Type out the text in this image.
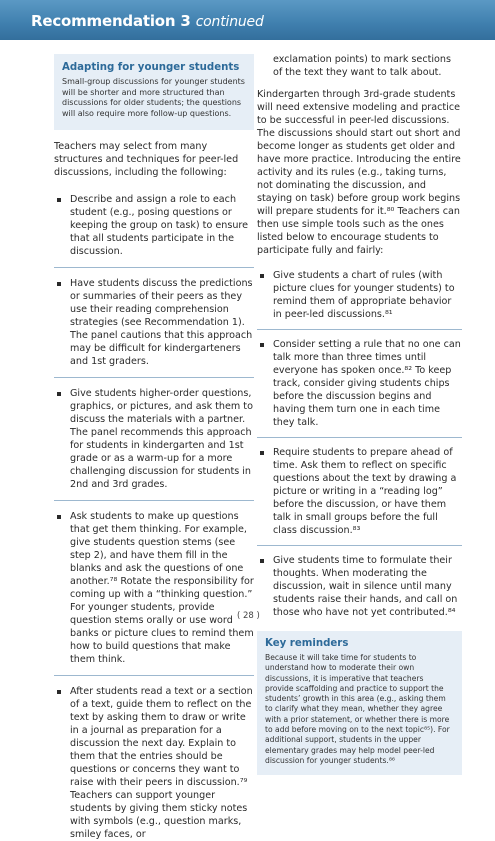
Recommendation 3 continued
Adapting for younger students

Small-group discussions for younger students will be shorter and more structured than discussions for older students; the questions will also require more follow-up questions.

Teachers may select from many structures and techniques for peer-led discussions, including the following:

Describe and assign a role to each student (e.g., posing questions or keeping the group on task) to ensure that all students participate in the discussion.
Have students discuss the predictions or summaries of their peers as they use their reading comprehension strategies (see Recommendation 1). The panel cautions that this approach may be difficult for kindergarteners and 1st graders.
Give students higher-order questions, graphics, or pictures, and ask them to discuss the materials with a partner. The panel recommends this approach for students in kindergarten and 1st grade or as a warm-up for a more challenging discussion for students in 2nd and 3rd grades.
Ask students to make up questions that get them thinking. For example, give students question stems (see step 2), and have them fill in the blanks and ask the questions of one another.⁷⁸ Rotate the responsibility for coming up with a “thinking question.” For younger students, provide question stems orally or use word banks or picture clues to remind them how to build questions that make them think.
After students read a text or a section of a text, guide them to reflect on the text by asking them to draw or write in a journal as preparation for a discussion the next day. Explain to them that the entries should be questions or concerns they want to raise with their peers in discussion.⁷⁹ Teachers can support younger students by giving them sticky notes with symbols (e.g., question marks, smiley faces, or

exclamation points) to mark sections of the text they want to talk about.

Kindergarten through 3rd-grade students will need extensive modeling and practice to be successful in peer-led discussions. The discussions should start out short and become longer as students get older and have more practice. Introducing the entire activity and its rules (e.g., taking turns, not dominating the discussion, and staying on task) before group work begins will prepare students for it.⁸⁰ Teachers can then use simple tools such as the ones listed below to encourage students to participate fully and fairly:

Give students a chart of rules (with picture clues for younger students) to remind them of appropriate behavior in peer-led discussions.⁸¹
Consider setting a rule that no one can talk more than three times until everyone has spoken once.⁸² To keep track, consider giving students chips before the discussion begins and having them turn one in each time they talk.
Require students to prepare ahead of time. Ask them to reflect on specific questions about the text by drawing a picture or writing in a “reading log” before the discussion, or have them talk in small groups before the full class discussion.⁸³
Give students time to formulate their thoughts. When moderating the discussion, wait in silence until many students raise their hands, and call on those who have not yet contributed.⁸⁴
Key reminders

Because it will take time for students to understand how to moderate their own discussions, it is imperative that teachers provide scaffolding and practice to support the students’ growth in this area (e.g., asking them to clarify what they mean, whether they agree with a prior statement, or whether there is more to add before moving on to the next topic⁸⁵). For additional support, students in the upper elementary grades may help model peer-led discussion for younger students.⁸⁶

( 28 )
